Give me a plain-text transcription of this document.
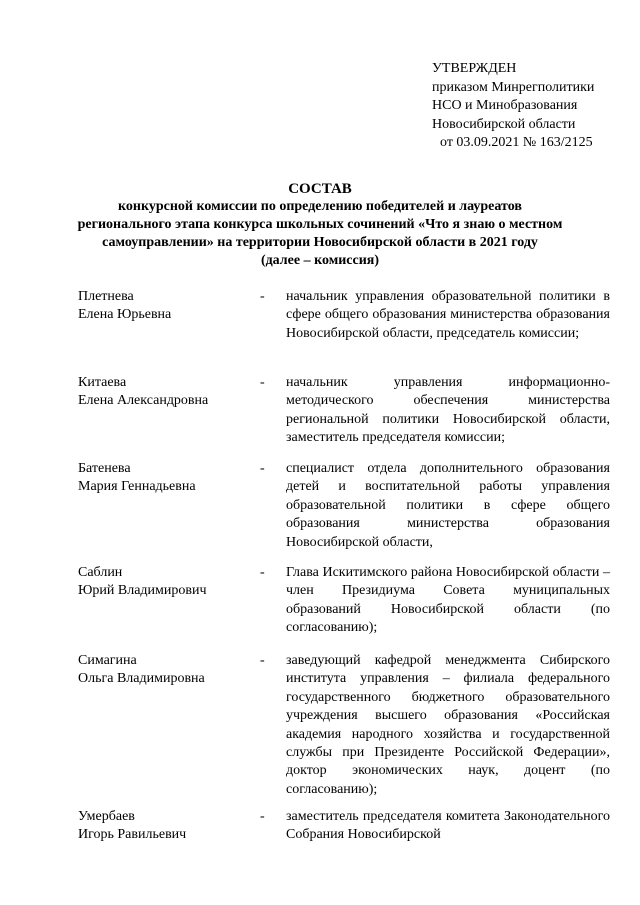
УТВЕРЖДЕН
приказом Минрегполитики
НСО и Минобразования
Новосибирской области
от 03.09.2021 № 163/2125
СОСТАВ
конкурсной комиссии по определению победителей и лауреатов
регионального этапа конкурса школьных сочинений «Что я знаю о местном
самоуправлении» на территории Новосибирской области в 2021 году
(далее – комиссия)
Плетнева
Елена Юрьевна
- начальник управления образовательной политики в сфере общего образования министерства образования Новосибирской области, председатель комиссии;
Китаева
Елена Александровна
- начальник управления информационно-методического обеспечения министерства региональной политики Новосибирской области, заместитель председателя комиссии;
Батенева
Мария Геннадьевна
- специалист отдела дополнительного образования детей и воспитательной работы управления образовательной политики в сфере общего образования министерства образования Новосибирской области,
Саблин
Юрий Владимирович
- Глава Искитимского района Новосибирской области – член Президиума Совета муниципальных образований Новосибирской области (по согласованию);
Симагина
Ольга Владимировна
- заведующий кафедрой менеджмента Сибирского института управления – филиала федерального государственного бюджетного образовательного учреждения высшего образования «Российская академия народного хозяйства и государственной службы при Президенте Российской Федерации», доктор экономических наук, доцент (по согласованию);
Умербаев
Игорь Равильевич
- заместитель председателя комитета Законодательного Собрания Новосибирской
